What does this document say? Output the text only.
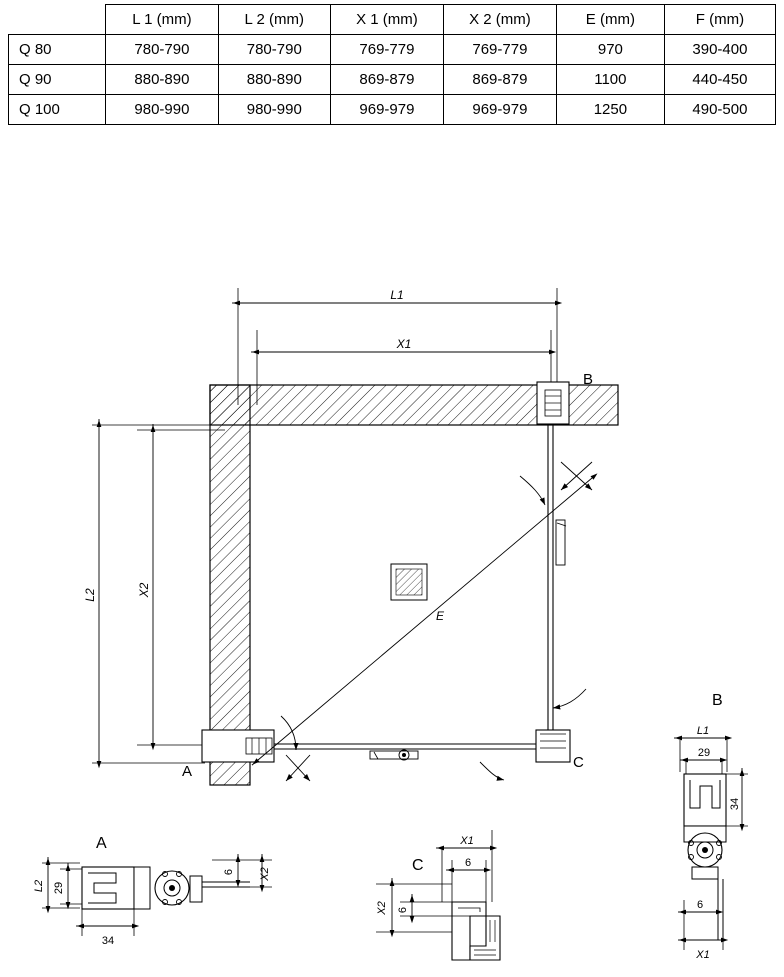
	L 1 (mm)	L 2 (mm)	X 1 (mm)	X 2 (mm)	E (mm)	F (mm)
Q 80	780-790	780-790	769-779	769-779	970	390-400
Q 90	880-890	880-890	869-879	869-879	1100	440-450
Q 100	980-990	980-990	969-979	969-979	1250	490-500
L1
X1
L2	X2
B
A
C
E
B
L1
29
34
6
X1
A
L2 29
34
6 X2	C
X1
6
6
X2
